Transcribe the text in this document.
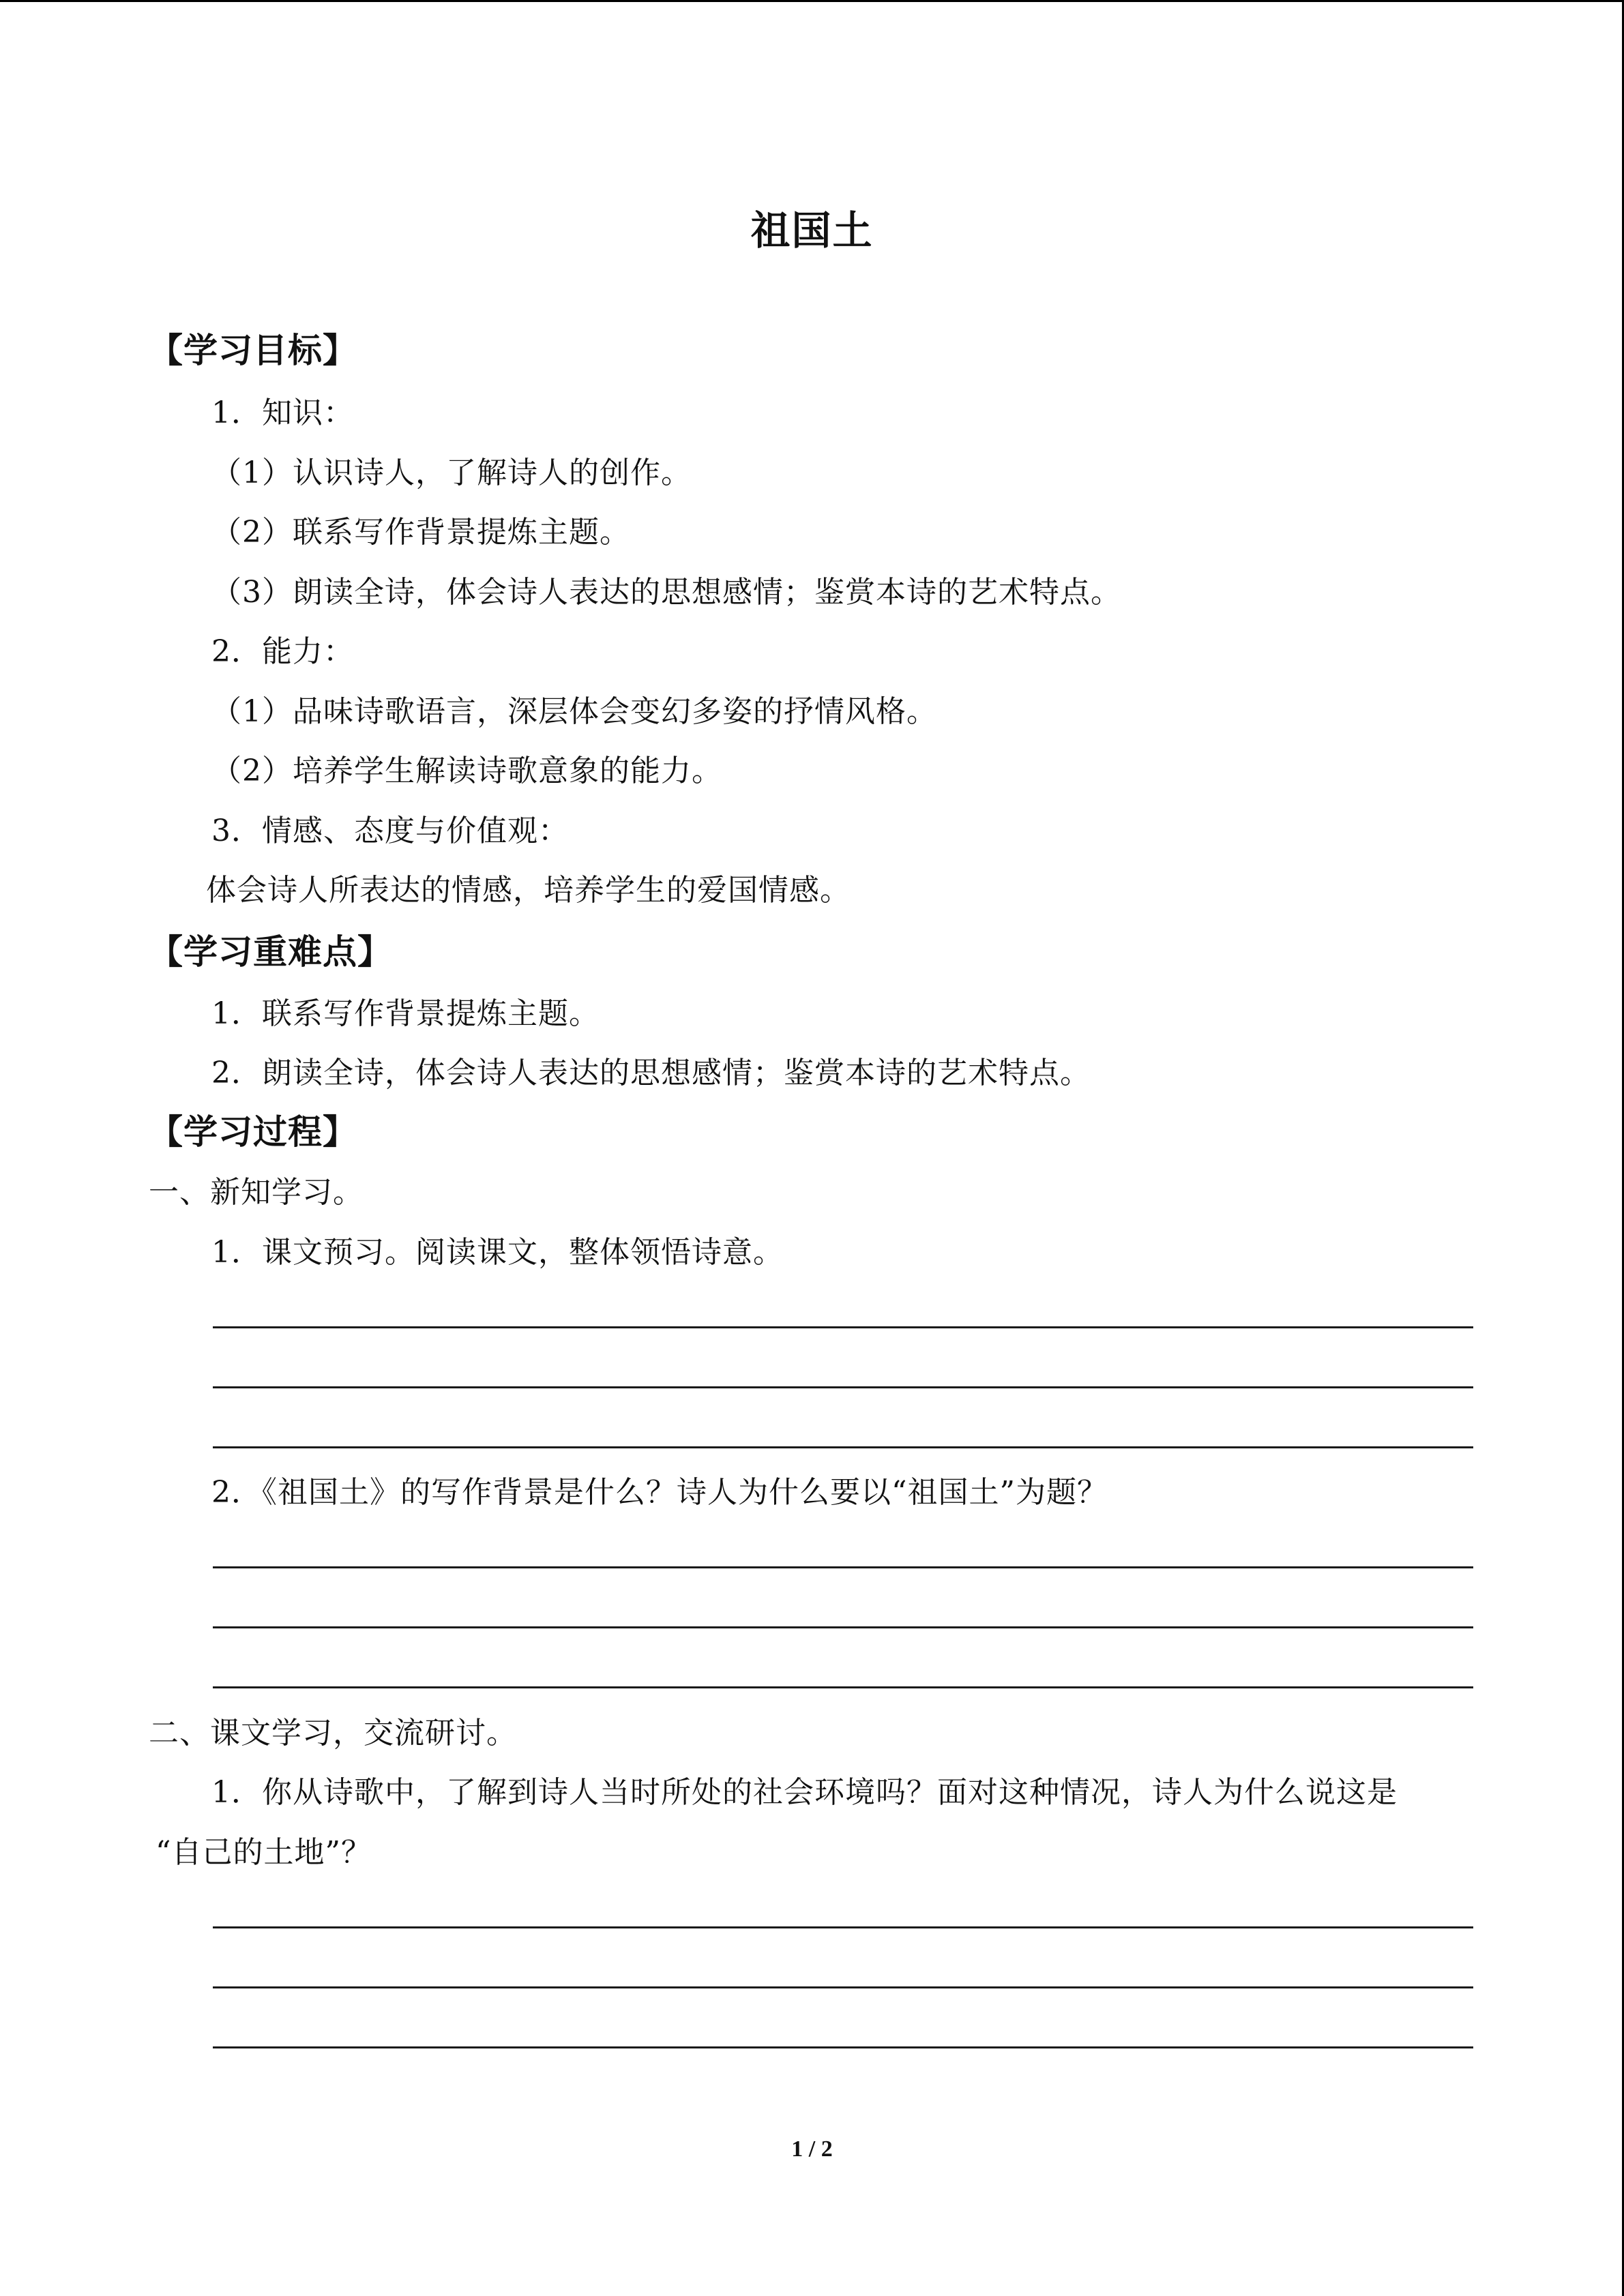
祖国土
【学习目标】
1．知识：
（1）认识诗人，了解诗人的创作。
（2）联系写作背景提炼主题。
（3）朗读全诗，体会诗人表达的思想感情；鉴赏本诗的艺术特点。
2．能力：
（1）品味诗歌语言，深层体会变幻多姿的抒情风格。
（2）培养学生解读诗歌意象的能力。
3．情感、态度与价值观：
体会诗人所表达的情感，培养学生的爱国情感。
【学习重难点】
1．联系写作背景提炼主题。
2．朗读全诗，体会诗人表达的思想感情；鉴赏本诗的艺术特点。
【学习过程】
一、新知学习。
1．课文预习。阅读课文，整体领悟诗意。
2．《祖国土》的写作背景是什么？诗人为什么要以“祖国土”为题？
二、课文学习，交流研讨。
1．你从诗歌中，了解到诗人当时所处的社会环境吗？面对这种情况，诗人为什么说这是
“自己的土地”？
1 / 2
